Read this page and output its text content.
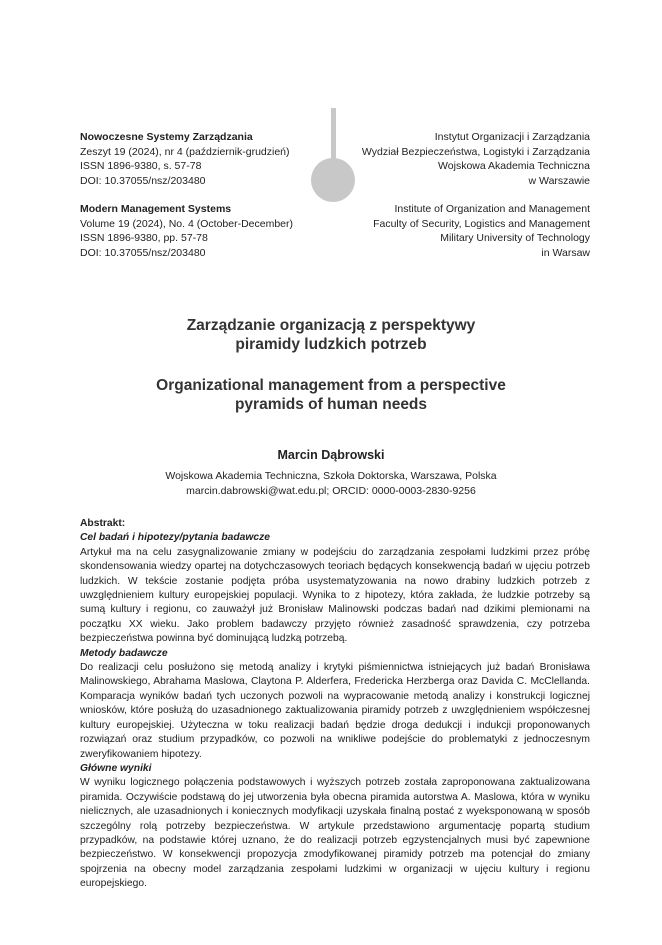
Nowoczesne Systemy Zarządzania
Zeszyt 19 (2024), nr 4 (październik-grudzień)
ISSN 1896-9380, s. 57-78
DOI: 10.37055/nsz/203480
Modern Management Systems
Volume 19 (2024), No. 4 (October-December)
ISSN 1896-9380, pp. 57-78
DOI: 10.37055/nsz/203480
Instytut Organizacji i Zarządzania
Wydział Bezpieczeństwa, Logistyki i Zarządzania
Wojskowa Akademia Techniczna
w Warszawie
Institute of Organization and Management
Faculty of Security, Logistics and Management
Military University of Technology
in Warsaw
Zarządzanie organizacją z perspektywy
piramidy ludzkich potrzeb
Organizational management from a perspective
pyramids of human needs
Marcin Dąbrowski
Wojskowa Akademia Techniczna, Szkoła Doktorska, Warszawa, Polska
marcin.dabrowski@wat.edu.pl; ORCID: 0000-0003-2830-9256
Abstrakt:
Cel badań i hipotezy/pytania badawcze

Artykuł ma na celu zasygnalizowanie zmiany w podejściu do zarządzania zespołami ludzkimi przez próbę skondensowania wiedzy opartej na dotychczasowych teoriach będących konsekwencją badań w ujęciu potrzeb ludzkich. W tekście zostanie podjęta próba usystematyzowania na nowo drabiny ludzkich potrzeb z uwzględnieniem kultury europejskiej populacji. Wynika to z hipotezy, która zakłada, że ludzkie potrzeby są sumą kultury i regionu, co zauważył już Bronisław Malinowski podczas badań nad dzikimi plemionami na początku XX wieku. Jako problem badawczy przyjęto również zasadność sprawdzenia, czy potrzeba bezpieczeństwa powinna być dominującą ludzką potrzebą.

Metody badawcze

Do realizacji celu posłużono się metodą analizy i krytyki piśmiennictwa istniejących już badań Bronisława Malinowskiego, Abrahama Maslowa, Claytona P. Alderfera, Fredericka Herzberga oraz Davida C. McClellanda. Komparacja wyników badań tych uczonych pozwoli na wypracowanie metodą analizy i konstrukcji logicznej wniosków, które posłużą do uzasadnionego zaktualizowania piramidy potrzeb z uwzględnieniem współczesnej kultury europejskiej. Użyteczna w toku realizacji badań będzie droga dedukcji i indukcji proponowanych rozwiązań oraz studium przypadków, co pozwoli na wnikliwe podejście do problematyki z jednoczesnym zweryfikowaniem hipotezy.

Główne wyniki

W wyniku logicznego połączenia podstawowych i wyższych potrzeb została zaproponowana zaktualizowana piramida. Oczywiście podstawą do jej utworzenia była obecna piramida autorstwa A. Maslowa, która w wyniku nielicznych, ale uzasadnionych i koniecznych modyfikacji uzyskała finalną postać z wyeksponowaną w sposób szczególny rolą potrzeby bezpieczeństwa. W artykule przedstawiono argumentację popartą studium przypadków, na podstawie której uznano, że do realizacji potrzeb egzystencjalnych musi być zapewnione bezpieczeństwo. W konsekwencji propozycja zmodyfikowanej piramidy potrzeb ma potencjał do zmiany spojrzenia na obecny model zarządzania zespołami ludzkimi w organizacji w ujęciu kultury i regionu europejskiego.
